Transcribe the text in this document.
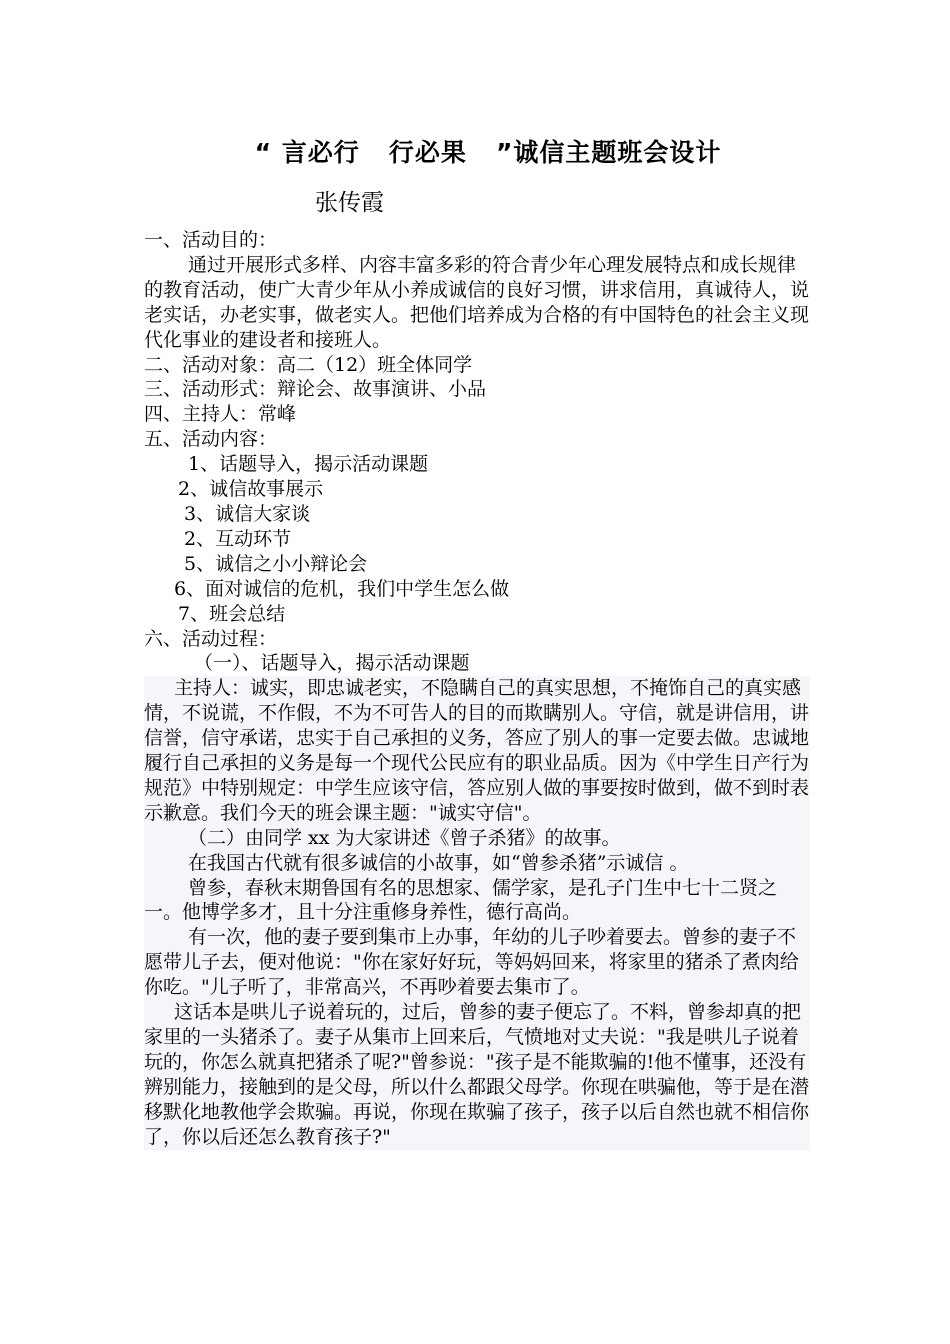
“ 言必行   行必果   ”诚信主题班会设计

张传霞

一、活动目的：

通过开展形式多样、内容丰富多彩的符合青少年心理发展特点和成长规律的教育活动，使广大青少年从小养成诚信的良好习惯，讲求信用，真诚待人，说老实话，办老实事，做老实人。把他们培养成为合格的有中国特色的社会主义现代化事业的建设者和接班人。

二、活动对象：高二（12）班全体同学

三、活动形式：辩论会、故事演讲、小品

四、主持人：常峰

五、活动内容：

1、话题导入，揭示活动课题

2、诚信故事展示

3、诚信大家谈

2、互动环节

5、诚信之小小辩论会

6、面对诚信的危机，我们中学生怎么做

7、班会总结

六、活动过程：

（一）、话题导入，揭示活动课题

主持人：诚实，即忠诚老实，不隐瞒自己的真实思想，不掩饰自己的真实感情，不说谎，不作假，不为不可告人的目的而欺瞒别人。守信，就是讲信用，讲信誉，信守承诺，忠实于自己承担的义务，答应了别人的事一定要去做。忠诚地履行自己承担的义务是每一个现代公民应有的职业品质。因为《中学生日产行为规范》中特别规定：中学生应该守信，答应别人做的事要按时做到，做不到时表示歉意。我们今天的班会课主题："诚实守信"。

（二）由同学 xx 为大家讲述《曾子杀猪》的故事。

在我国古代就有很多诚信的小故事，如“曾参杀猪”示诚信 。

曾参，春秋末期鲁国有名的思想家、儒学家，是孔子门生中七十二贤之一。他博学多才，且十分注重修身养性，德行高尚。

有一次，他的妻子要到集市上办事，年幼的儿子吵着要去。曾参的妻子不愿带儿子去，便对他说："你在家好好玩，等妈妈回来，将家里的猪杀了煮肉给你吃。"儿子听了，非常高兴，不再吵着要去集市了。

这话本是哄儿子说着玩的，过后，曾参的妻子便忘了。不料，曾参却真的把家里的一头猪杀了。妻子从集市上回来后，气愤地对丈夫说："我是哄儿子说着玩的，你怎么就真把猪杀了呢?"曾参说："孩子是不能欺骗的!他不懂事，还没有辨别能力，接触到的是父母，所以什么都跟父母学。你现在哄骗他，等于是在潜移默化地教他学会欺骗。再说，你现在欺骗了孩子，孩子以后自然也就不相信你了，你以后还怎么教育孩子?"
